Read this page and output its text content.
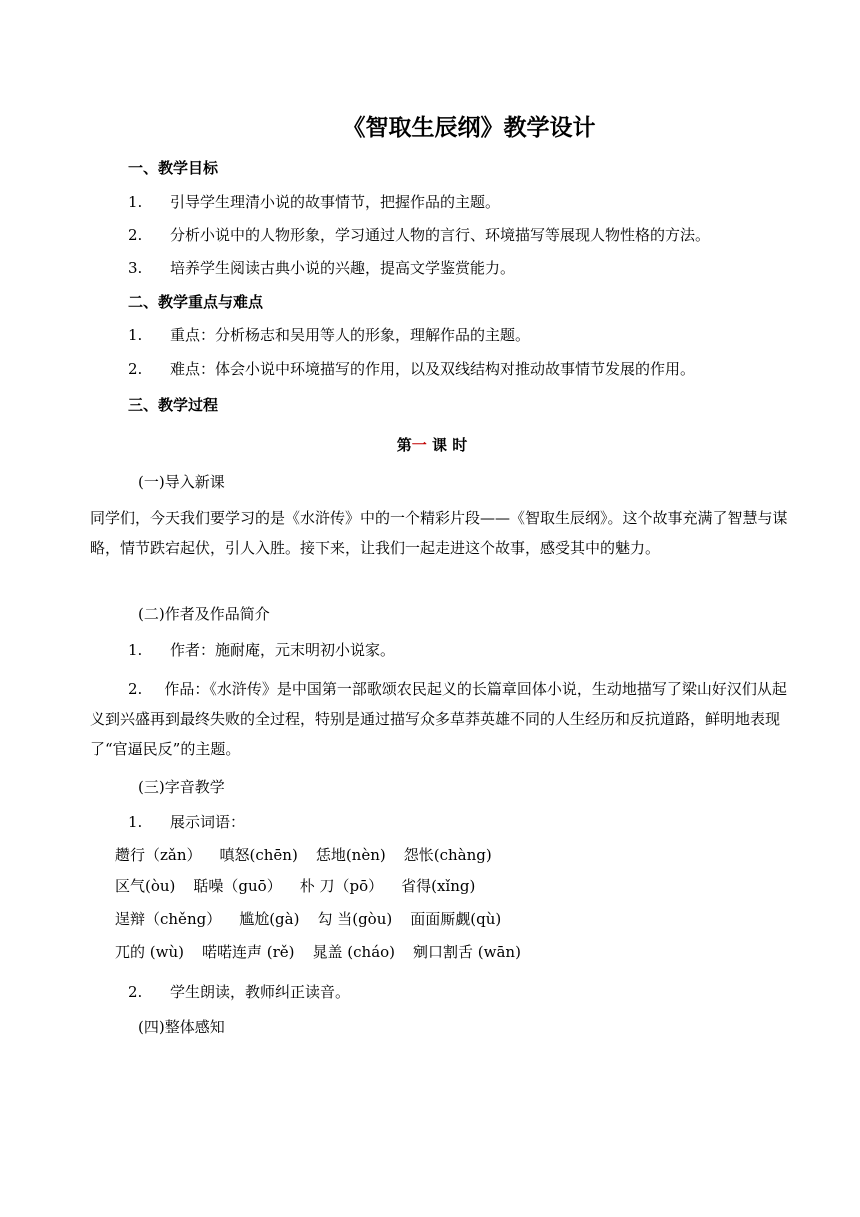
《智取生辰纲》教学设计
一、教学目标
1. 引导学生理清小说的故事情节，把握作品的主题。
2. 分析小说中的人物形象，学习通过人物的言行、环境描写等展现人物性格的方法。
3. 培养学生阅读古典小说的兴趣，提高文学鉴赏能力。
二、教学重点与难点
1. 重点：分析杨志和吴用等人的形象，理解作品的主题。
2. 难点：体会小说中环境描写的作用，以及双线结构对推动故事情节发展的作用。
三、教学过程
第一 课 时
(一)导入新课
同学们，今天我们要学习的是《水浒传》中的一个精彩片段——《智取生辰纲》。这个故事充满了智慧与谋略，情节跌宕起伏，引人入胜。接下来，让我们一起走进这个故事，感受其中的魅力。
(二)作者及作品简介
1. 作者：施耐庵，元末明初小说家。
2. 作品：《水浒传》是中国第一部歌颂农民起义的长篇章回体小说，生动地描写了梁山好汉们从起义到兴盛再到最终失败的全过程，特别是通过描写众多草莽英雄不同的人生经历和反抗道路，鲜明地表现了“官逼民反”的主题。
(三)字音教学
1. 展示词语：
趱行（zǎn） 嗔怒(chēn) 恁地(nèn) 怨怅(chàng)
区气(òu) 聒噪（guō） 朴 刀（pō） 省得(xǐng)
逞辩（chěng） 尴尬(gà) 勾 当(gòu) 面面厮觑(qù)
兀的 (wù) 喏喏连声 (rě) 晁盖 (cháo) 剜口割舌 (wān)
2. 学生朗读，教师纠正读音。
(四)整体感知
